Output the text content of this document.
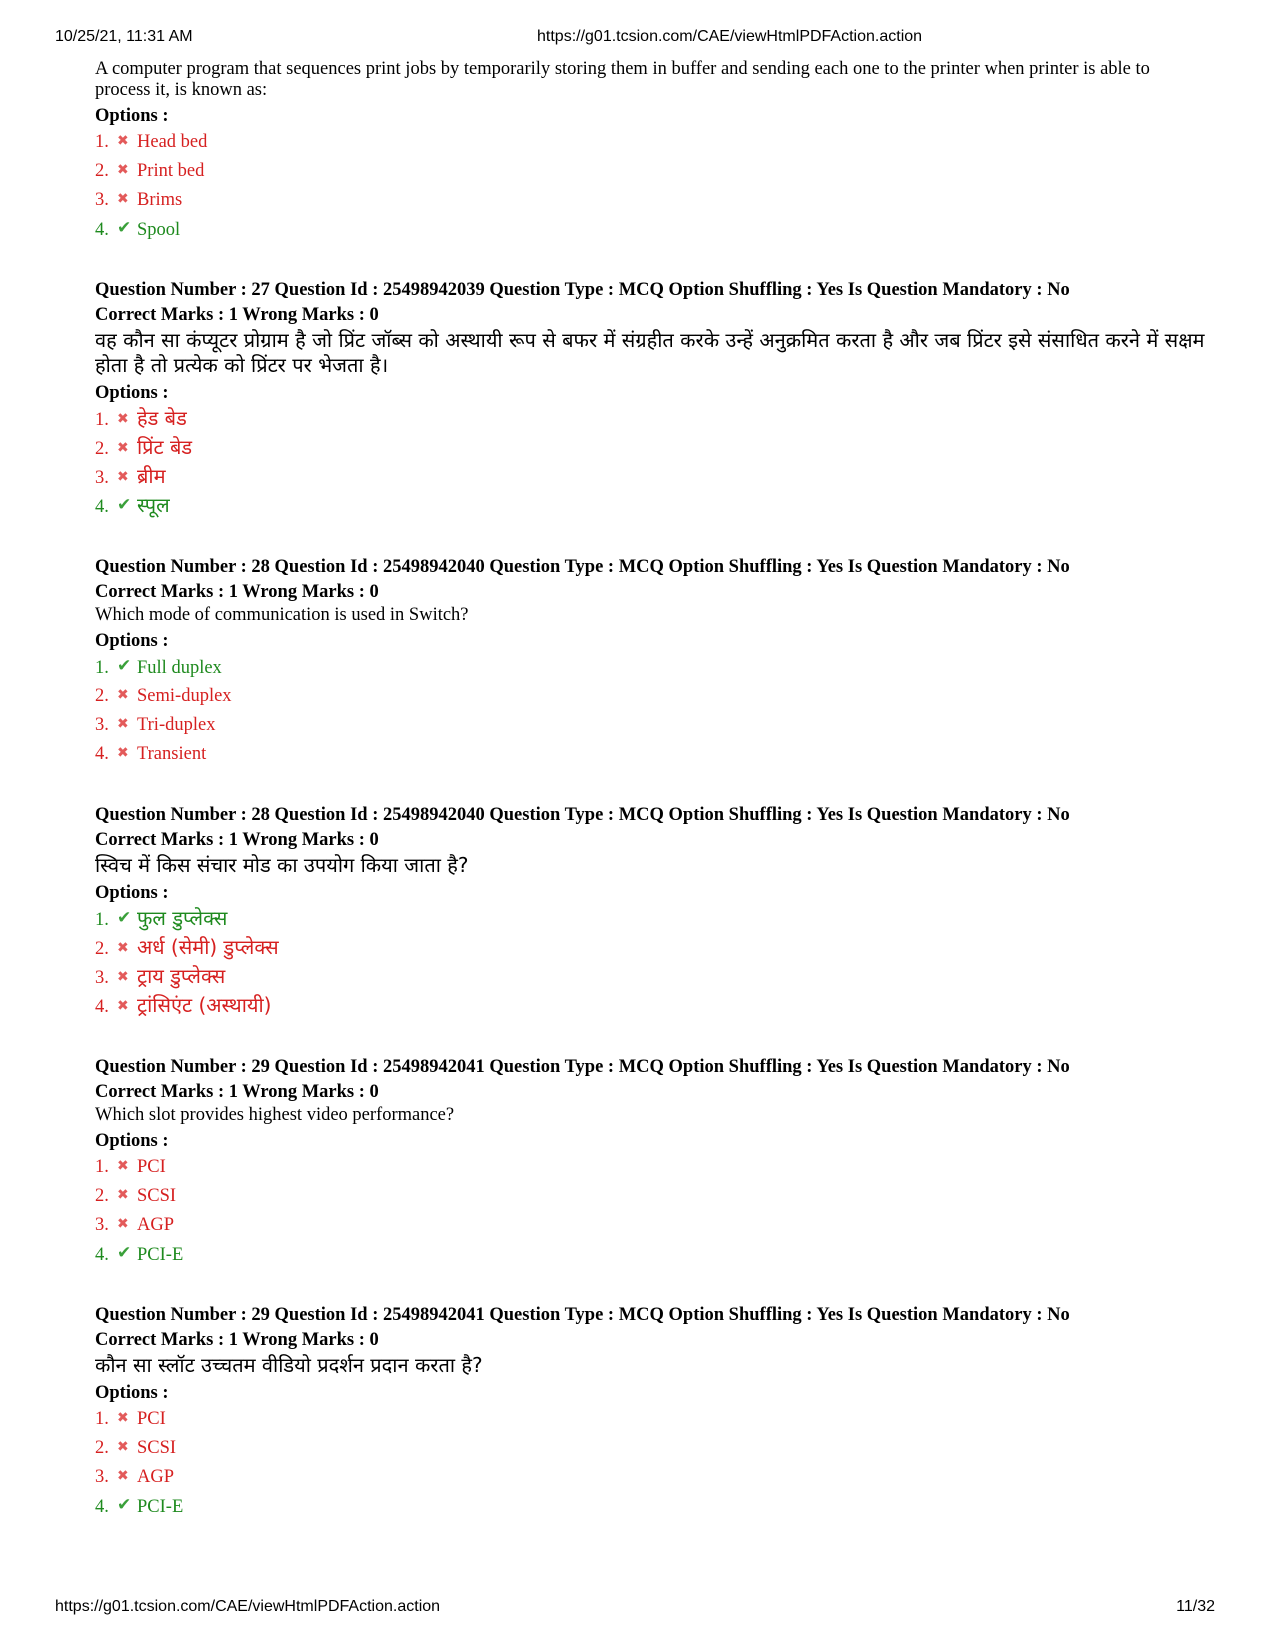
10/25/21, 11:31 AM	https://g01.tcsion.com/CAE/viewHtmlPDFAction.action

A computer program that sequences print jobs by temporarily storing them in buffer and sending each one to the printer when printer is able to process it, is known as:

Options :
1. ✖ Head bed
2. ✖ Print bed
3. ✖ Brims
4. ✔ Spool
Question Number : 27 Question Id : 25498942039 Question Type : MCQ Option Shuffling : Yes Is Question Mandatory : No
Correct Marks : 1 Wrong Marks : 0

वह कौन सा कंप्यूटर प्रोग्राम है जो प्रिंट जॉब्स को अस्थायी रूप से बफर में संग्रहीत करके उन्हें अनुक्रमित करता है और जब प्रिंटर इसे संसाधित करने में सक्षम होता है तो प्रत्येक को प्रिंटर पर भेजता है।

Options :
1. ✖ हेड बेड
2. ✖ प्रिंट बेड
3. ✖ ब्रीम
4. ✔ स्पूल
Question Number : 28 Question Id : 25498942040 Question Type : MCQ Option Shuffling : Yes Is Question Mandatory : No
Correct Marks : 1 Wrong Marks : 0

Which mode of communication is used in Switch?

Options :
1. ✔ Full duplex
2. ✖ Semi-duplex
3. ✖ Tri-duplex
4. ✖ Transient
Question Number : 28 Question Id : 25498942040 Question Type : MCQ Option Shuffling : Yes Is Question Mandatory : No
Correct Marks : 1 Wrong Marks : 0

स्विच में किस संचार मोड का उपयोग किया जाता है?

Options :
1. ✔ फुल डुप्लेक्स
2. ✖ अर्ध (सेमी) डुप्लेक्स
3. ✖ ट्राय डुप्लेक्स
4. ✖ ट्रांसिएंट (अस्थायी)
Question Number : 29 Question Id : 25498942041 Question Type : MCQ Option Shuffling : Yes Is Question Mandatory : No
Correct Marks : 1 Wrong Marks : 0

Which slot provides highest video performance?

Options :
1. ✖ PCI
2. ✖ SCSI
3. ✖ AGP
4. ✔ PCI-E
Question Number : 29 Question Id : 25498942041 Question Type : MCQ Option Shuffling : Yes Is Question Mandatory : No
Correct Marks : 1 Wrong Marks : 0

कौन सा स्लॉट उच्चतम वीडियो प्रदर्शन प्रदान करता है?

Options :
1. ✖ PCI
2. ✖ SCSI
3. ✖ AGP
4. ✔ PCI-E
https://g01.tcsion.com/CAE/viewHtmlPDFAction.action	11/32
